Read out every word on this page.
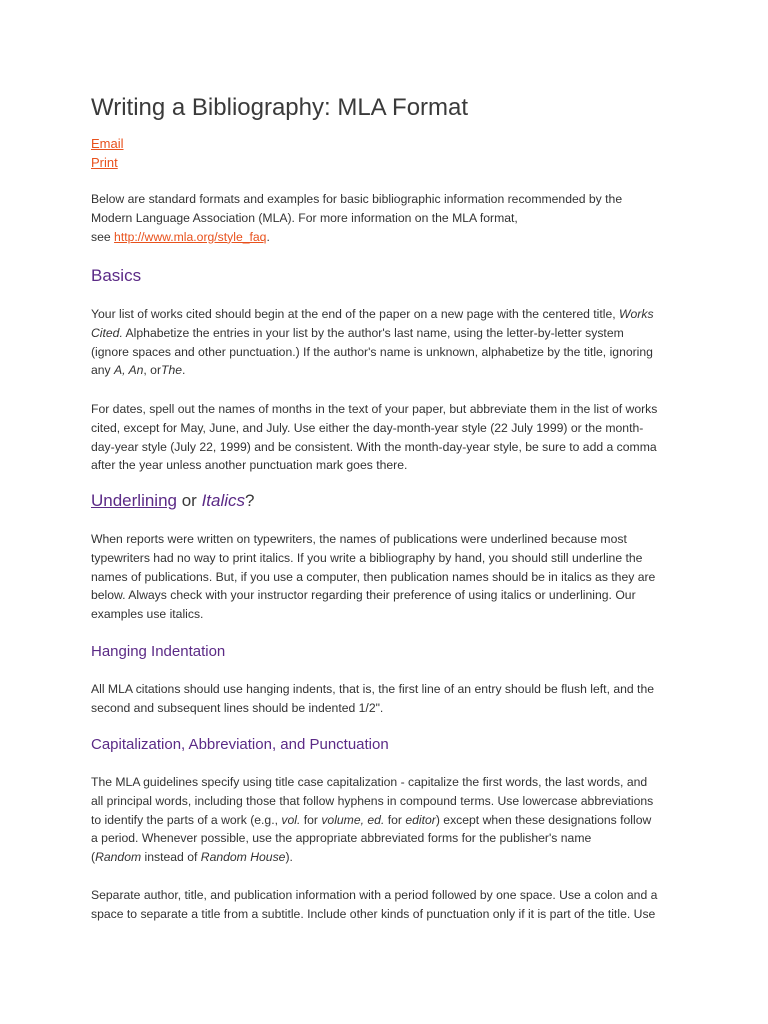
Writing a Bibliography: MLA Format
Email
Print

Below are standard formats and examples for basic bibliographic information recommended by the
Modern Language Association (MLA). For more information on the MLA format,
see http://www.mla.org/style_faq.

Basics

Your list of works cited should begin at the end of the paper on a new page with the centered title, Works
Cited. Alphabetize the entries in your list by the author's last name, using the letter-by-letter system
(ignore spaces and other punctuation.) If the author's name is unknown, alphabetize by the title, ignoring
any A, An, orThe.

For dates, spell out the names of months in the text of your paper, but abbreviate them in the list of works
cited, except for May, June, and July. Use either the day-month-year style (22 July 1999) or the month-
day-year style (July 22, 1999) and be consistent. With the month-day-year style, be sure to add a comma
after the year unless another punctuation mark goes there.

Underlining or Italics?

When reports were written on typewriters, the names of publications were underlined because most
typewriters had no way to print italics. If you write a bibliography by hand, you should still underline the
names of publications. But, if you use a computer, then publication names should be in italics as they are
below. Always check with your instructor regarding their preference of using italics or underlining. Our
examples use italics.

Hanging Indentation

All MLA citations should use hanging indents, that is, the first line of an entry should be flush left, and the
second and subsequent lines should be indented 1/2".

Capitalization, Abbreviation, and Punctuation

The MLA guidelines specify using title case capitalization - capitalize the first words, the last words, and
all principal words, including those that follow hyphens in compound terms. Use lowercase abbreviations
to identify the parts of a work (e.g., vol. for volume, ed. for editor) except when these designations follow
a period. Whenever possible, use the appropriate abbreviated forms for the publisher's name
(Random instead of Random House).

Separate author, title, and publication information with a period followed by one space. Use a colon and a
space to separate a title from a subtitle. Include other kinds of punctuation only if it is part of the title. Use
